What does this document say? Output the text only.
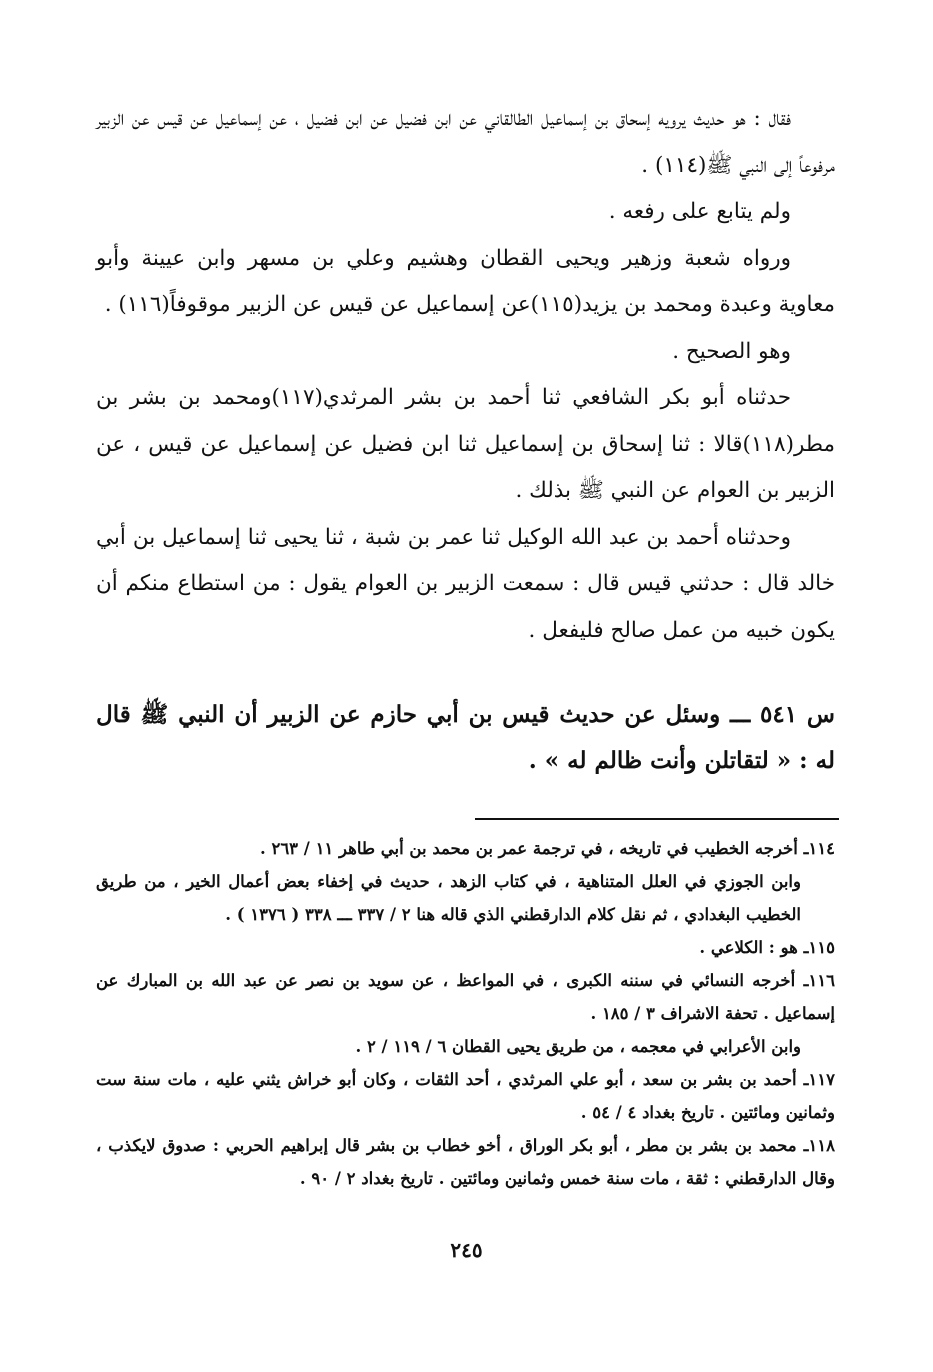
فقال : هو حديث يرويه إسحاق بن إسماعيل الطالقاني عن ابن فضيل عن ابن فضيل ، عن إسماعيل عن قيس عن الزبير مرفوعاً إلى النبي ﷺ(١١٤) .

ولم يتابع على رفعه .

ورواه شعبة وزهير ويحيى القطان وهشيم وعلي بن مسهر وابن عيينة وأبو معاوية وعبدة ومحمد بن يزيد(١١٥)عن إسماعيل عن قيس عن الزبير موقوفاً(١١٦) .

وهو الصحيح .

حدثناه أبو بكر الشافعي ثنا أحمد بن بشر المرثدي(١١٧)ومحمد بن بشر بن مطر(١١٨)قالا : ثنا إسحاق بن إسماعيل ثنا ابن فضيل عن إسماعيل عن قيس ، عن الزبير بن العوام عن النبي ﷺ بذلك .

وحدثناه أحمد بن عبد الله الوكيل ثنا عمر بن شبة ، ثنا يحيى ثنا إسماعيل بن أبي خالد قال : حدثني قيس قال : سمعت الزبير بن العوام يقول : من استطاع منكم أن يكون خبيه من عمل صالح فليفعل .

س ٥٤١ ـــ وسئل عن حديث قيس بن أبي حازم عن الزبير أن النبي ﷺ قال له : « لتقاتلن وأنت ظالم له » .

١١٤ـ أخرجه الخطيب في تاريخه ، في ترجمة عمر بن محمد بن أبي طاهر ١١ / ٢٦٣ .

وابن الجوزي في العلل المتناهية ، في كتاب الزهد ، حديث في إخفاء بعض أعمال الخير ، من طريق الخطيب البغدادي ، ثم نقل كلام الدارقطني الذي قاله هنا ٢ / ٣٣٧ ـــ ٣٣٨ ( ١٣٧٦ ) .

١١٥ـ هو : الكلاعي .

١١٦ـ أخرجه النسائي في سننه الكبرى ، في المواعظ ، عن سويد بن نصر عن عبد الله بن المبارك عن إسماعيل . تحفة الاشراف ٣ / ١٨٥ .

وابن الأعرابي في معجمه ، من طريق يحيى القطان ٦ / ١١٩ / ٢ .

١١٧ـ أحمد بن بشر بن سعد ، أبو علي المرثدي ، أحد الثقات ، وكان أبو خراش يثني عليه ، مات سنة ست وثمانين ومائتين . تاريخ بغداد ٤ / ٥٤ .

١١٨ـ محمد بن بشر بن مطر ، أبو بكر الوراق ، أخو خطاب بن بشر قال إبراهيم الحربي : صدوق لايكذب ، وقال الدارقطني : ثقة ، مات سنة خمس وثمانين ومائتين . تاريخ بغداد ٢ / ٩٠ .

٢٤٥
